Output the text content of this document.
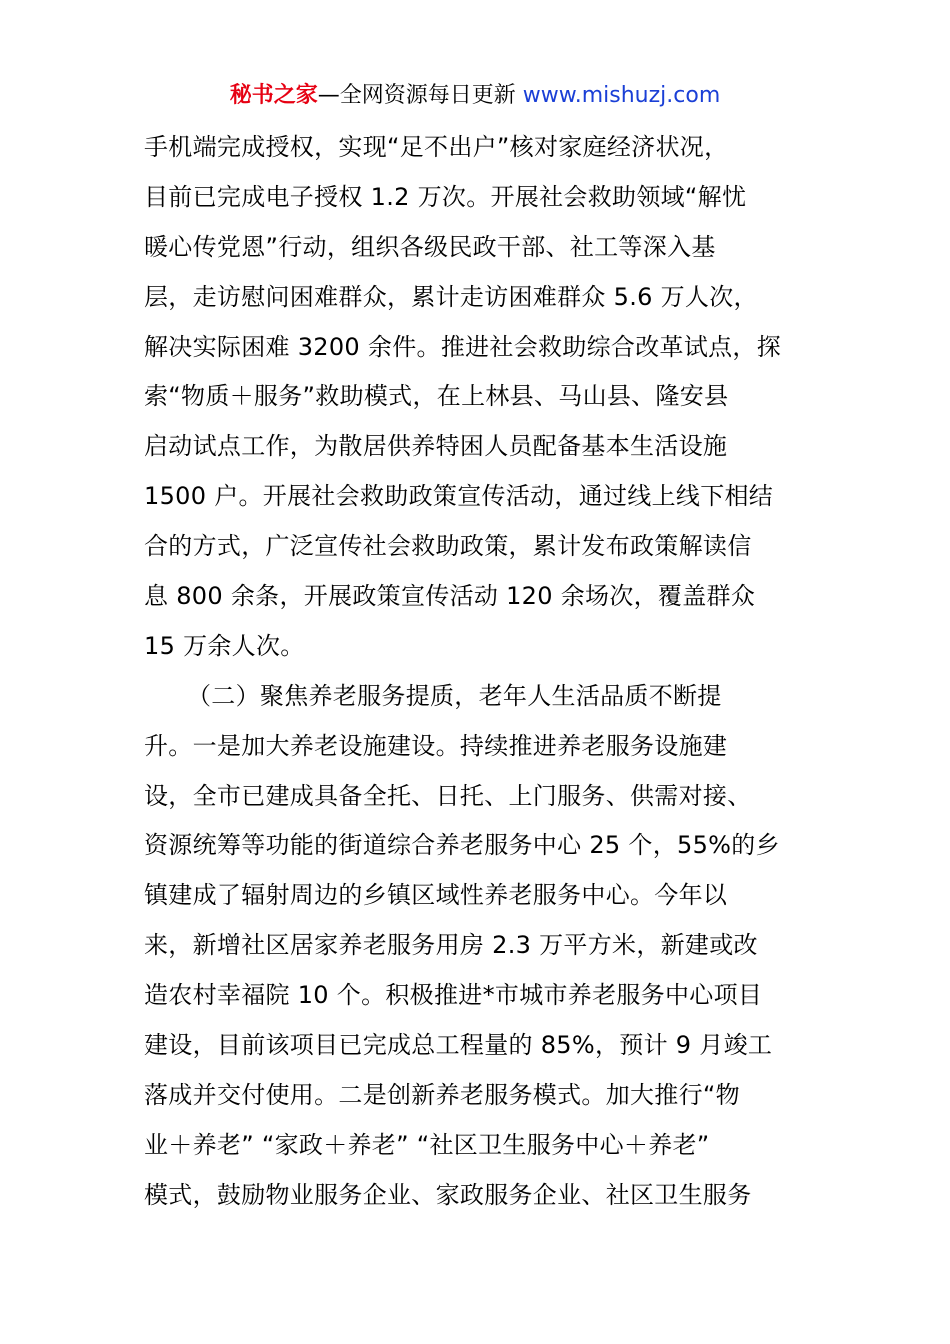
秘书之家—全网资源每日更新 www.mishuzj.com
手机端完成授权，实现“足不出户”核对家庭经济状况，
目前已完成电子授权 1.2 万次。开展社会救助领域“解忧
暖心传党恩”行动，组织各级民政干部、社工等深入基
层，走访慰问困难群众，累计走访困难群众 5.6 万人次，
解决实际困难 3200 余件。推进社会救助综合改革试点，探
索“物质＋服务”救助模式，在上林县、马山县、隆安县
启动试点工作，为散居供养特困人员配备基本生活设施
1500 户。开展社会救助政策宣传活动，通过线上线下相结
合的方式，广泛宣传社会救助政策，累计发布政策解读信
息 800 余条，开展政策宣传活动 120 余场次，覆盖群众
15 万余人次。
（二）聚焦养老服务提质，老年人生活品质不断提
升。一是加大养老设施建设。持续推进养老服务设施建
设，全市已建成具备全托、日托、上门服务、供需对接、
资源统筹等功能的街道综合养老服务中心 25 个，55%的乡
镇建成了辐射周边的乡镇区域性养老服务中心。今年以
来，新增社区居家养老服务用房 2.3 万平方米，新建或改
造农村幸福院 10 个。积极推进*市城市养老服务中心项目
建设，目前该项目已完成总工程量的 85%，预计 9 月竣工
落成并交付使用。二是创新养老服务模式。加大推行“物
业＋养老” “家政＋养老” “社区卫生服务中心＋养老”
模式，鼓励物业服务企业、家政服务企业、社区卫生服务
